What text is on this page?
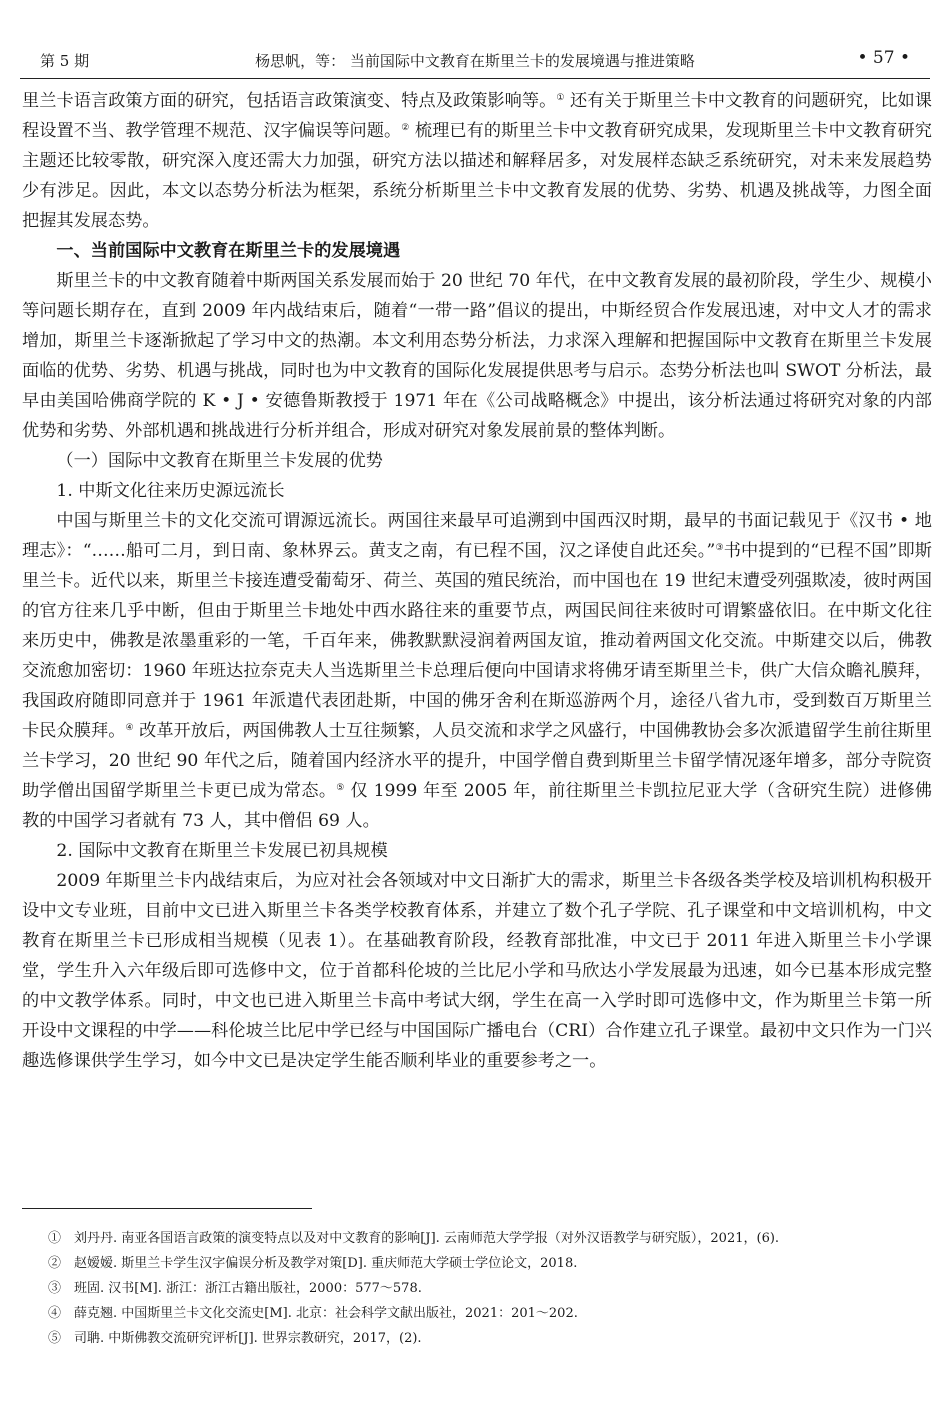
第 5 期	杨思帆，等： 当前国际中文教育在斯里兰卡的发展境遇与推进策略	• 57 •

里兰卡语言政策方面的研究，包括语言政策演变、特点及政策影响等。① 还有关于斯里兰卡中文教育的问题研究，比如课程设置不当、教学管理不规范、汉字偏误等问题。② 梳理已有的斯里兰卡中文教育研究成果，发现斯里兰卡中文教育研究主题还比较零散，研究深入度还需大力加强，研究方法以描述和解释居多，对发展样态缺乏系统研究，对未来发展趋势少有涉足。因此，本文以态势分析法为框架，系统分析斯里兰卡中文教育发展的优势、劣势、机遇及挑战等，力图全面把握其发展态势。

一、当前国际中文教育在斯里兰卡的发展境遇

斯里兰卡的中文教育随着中斯两国关系发展而始于 20 世纪 70 年代，在中文教育发展的最初阶段，学生少、规模小等问题长期存在，直到 2009 年内战结束后，随着“一带一路”倡议的提出，中斯经贸合作发展迅速，对中文人才的需求增加，斯里兰卡逐渐掀起了学习中文的热潮。本文利用态势分析法，力求深入理解和把握国际中文教育在斯里兰卡发展面临的优势、劣势、机遇与挑战，同时也为中文教育的国际化发展提供思考与启示。态势分析法也叫 SWOT 分析法，最早由美国哈佛商学院的 K • J • 安德鲁斯教授于 1971 年在《公司战略概念》中提出，该分析法通过将研究对象的内部优势和劣势、外部机遇和挑战进行分析并组合，形成对研究对象发展前景的整体判断。

（一）国际中文教育在斯里兰卡发展的优势

1. 中斯文化往来历史源远流长

中国与斯里兰卡的文化交流可谓源远流长。两国往来最早可追溯到中国西汉时期，最早的书面记载见于《汉书 • 地理志》：“……船可二月，到日南、象林界云。黄支之南，有已程不国，汉之译使自此还矣。”③书中提到的“已程不国”即斯里兰卡。近代以来，斯里兰卡接连遭受葡萄牙、荷兰、英国的殖民统治，而中国也在 19 世纪末遭受列强欺凌，彼时两国的官方往来几乎中断，但由于斯里兰卡地处中西水路往来的重要节点，两国民间往来彼时可谓繁盛依旧。在中斯文化往来历史中，佛教是浓墨重彩的一笔，千百年来，佛教默默浸润着两国友谊，推动着两国文化交流。中斯建交以后，佛教交流愈加密切：1960 年班达拉奈克夫人当选斯里兰卡总理后便向中国请求将佛牙请至斯里兰卡，供广大信众瞻礼膜拜，我国政府随即同意并于 1961 年派遣代表团赴斯，中国的佛牙舍利在斯巡游两个月，途径八省九市，受到数百万斯里兰卡民众膜拜。④ 改革开放后，两国佛教人士互往频繁，人员交流和求学之风盛行，中国佛教协会多次派遣留学生前往斯里兰卡学习，20 世纪 90 年代之后，随着国内经济水平的提升，中国学僧自费到斯里兰卡留学情况逐年增多，部分寺院资助学僧出国留学斯里兰卡更已成为常态。⑤ 仅 1999 年至 2005 年，前往斯里兰卡凯拉尼亚大学（含研究生院）进修佛教的中国学习者就有 73 人，其中僧侣 69 人。

2. 国际中文教育在斯里兰卡发展已初具规模

2009 年斯里兰卡内战结束后，为应对社会各领域对中文日渐扩大的需求，斯里兰卡各级各类学校及培训机构积极开设中文专业班，目前中文已进入斯里兰卡各类学校教育体系，并建立了数个孔子学院、孔子课堂和中文培训机构，中文教育在斯里兰卡已形成相当规模（见表 1）。在基础教育阶段，经教育部批准，中文已于 2011 年进入斯里兰卡小学课堂，学生升入六年级后即可选修中文，位于首都科伦坡的兰比尼小学和马欣达小学发展最为迅速，如今已基本形成完整的中文教学体系。同时，中文也已进入斯里兰卡高中考试大纲，学生在高一入学时即可选修中文，作为斯里兰卡第一所开设中文课程的中学——科伦坡兰比尼中学已经与中国国际广播电台（CRI）合作建立孔子课堂。最初中文只作为一门兴趣选修课供学生学习，如今中文已是决定学生能否顺利毕业的重要参考之一。

①　 刘丹丹. 南亚各国语言政策的演变特点以及对中文教育的影响[J]. 云南师范大学学报（对外汉语教学与研究版），2021，(6).

②　 赵嫒嫒. 斯里兰卡学生汉字偏误分析及教学对策[D]. 重庆师范大学硕士学位论文，2018.

③　 班固. 汉书[M]. 浙江：浙江古籍出版社，2000：577～578.

④　 薛克翘. 中国斯里兰卡文化交流史[M]. 北京：社会科学文献出版社，2021：201～202.

⑤　 司聃. 中斯佛教交流研究评析[J]. 世界宗教研究，2017，(2).
